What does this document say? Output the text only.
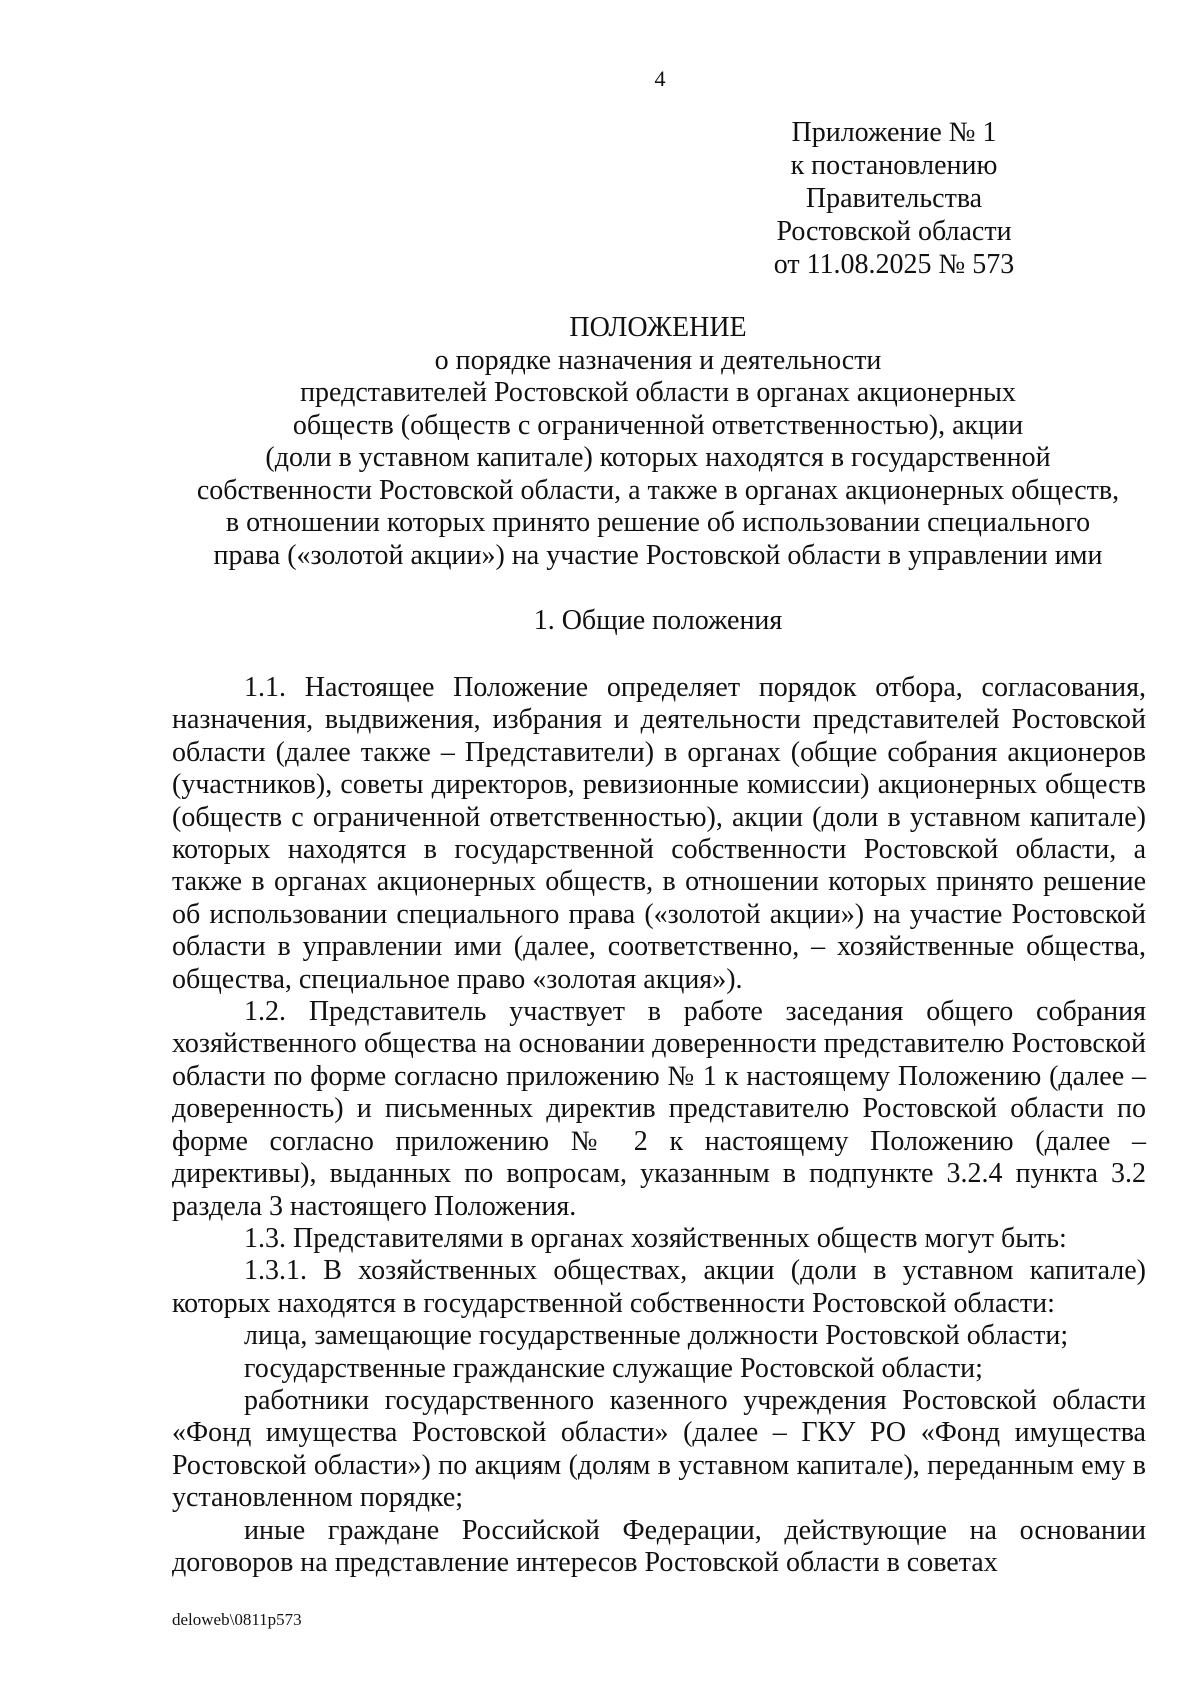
4
Приложение № 1
к постановлению
Правительства
Ростовской области
от 11.08.2025 № 573
ПОЛОЖЕНИЕ
о порядке назначения и деятельности
представителей Ростовской области в органах акционерных
обществ (обществ с ограниченной ответственностью), акции
(доли в уставном капитале) которых находятся в государственной
собственности Ростовской области, а также в органах акционерных обществ,
в отношении которых принято решение об использовании специального
права («золотой акции») на участие Ростовской области в управлении ими
1. Общие положения

1.1. Настоящее Положение определяет порядок отбора, согласования, назначения, выдвижения, избрания и деятельности представителей Ростовской области (далее также – Представители) в органах (общие собрания акционеров (участников), советы директоров, ревизионные комиссии) акционерных обществ (обществ с ограниченной ответственностью), акции (доли в уставном капитале) которых находятся в государственной собственности Ростовской области, а также в органах акционерных обществ, в отношении которых принято решение об использовании специального права («золотой акции») на участие Ростовской области в управлении ими (далее, соответственно, – хозяйственные общества, общества, специальное право «золотая акция»).

1.2. Представитель участвует в работе заседания общего собрания хозяйственного общества на основании доверенности представителю Ростовской области по форме согласно приложению № 1 к настоящему Положению (далее – доверенность) и письменных директив представителю Ростовской области по форме согласно приложению № 2 к настоящему Положению (далее – директивы), выданных по вопросам, указанным в подпункте 3.2.4 пункта 3.2 раздела 3 настоящего Положения.

1.3. Представителями в органах хозяйственных обществ могут быть:

1.3.1. В хозяйственных обществах, акции (доли в уставном капитале) которых находятся в государственной собственности Ростовской области:

лица, замещающие государственные должности Ростовской области;

государственные гражданские служащие Ростовской области;

работники государственного казенного учреждения Ростовской области «Фонд имущества Ростовской области» (далее – ГКУ РО «Фонд имущества Ростовской области») по акциям (долям в уставном капитале), переданным ему в установленном порядке;

иные граждане Российской Федерации, действующие на основании договоров на представление интересов Ростовской области в советах

deloweb\0811p573
